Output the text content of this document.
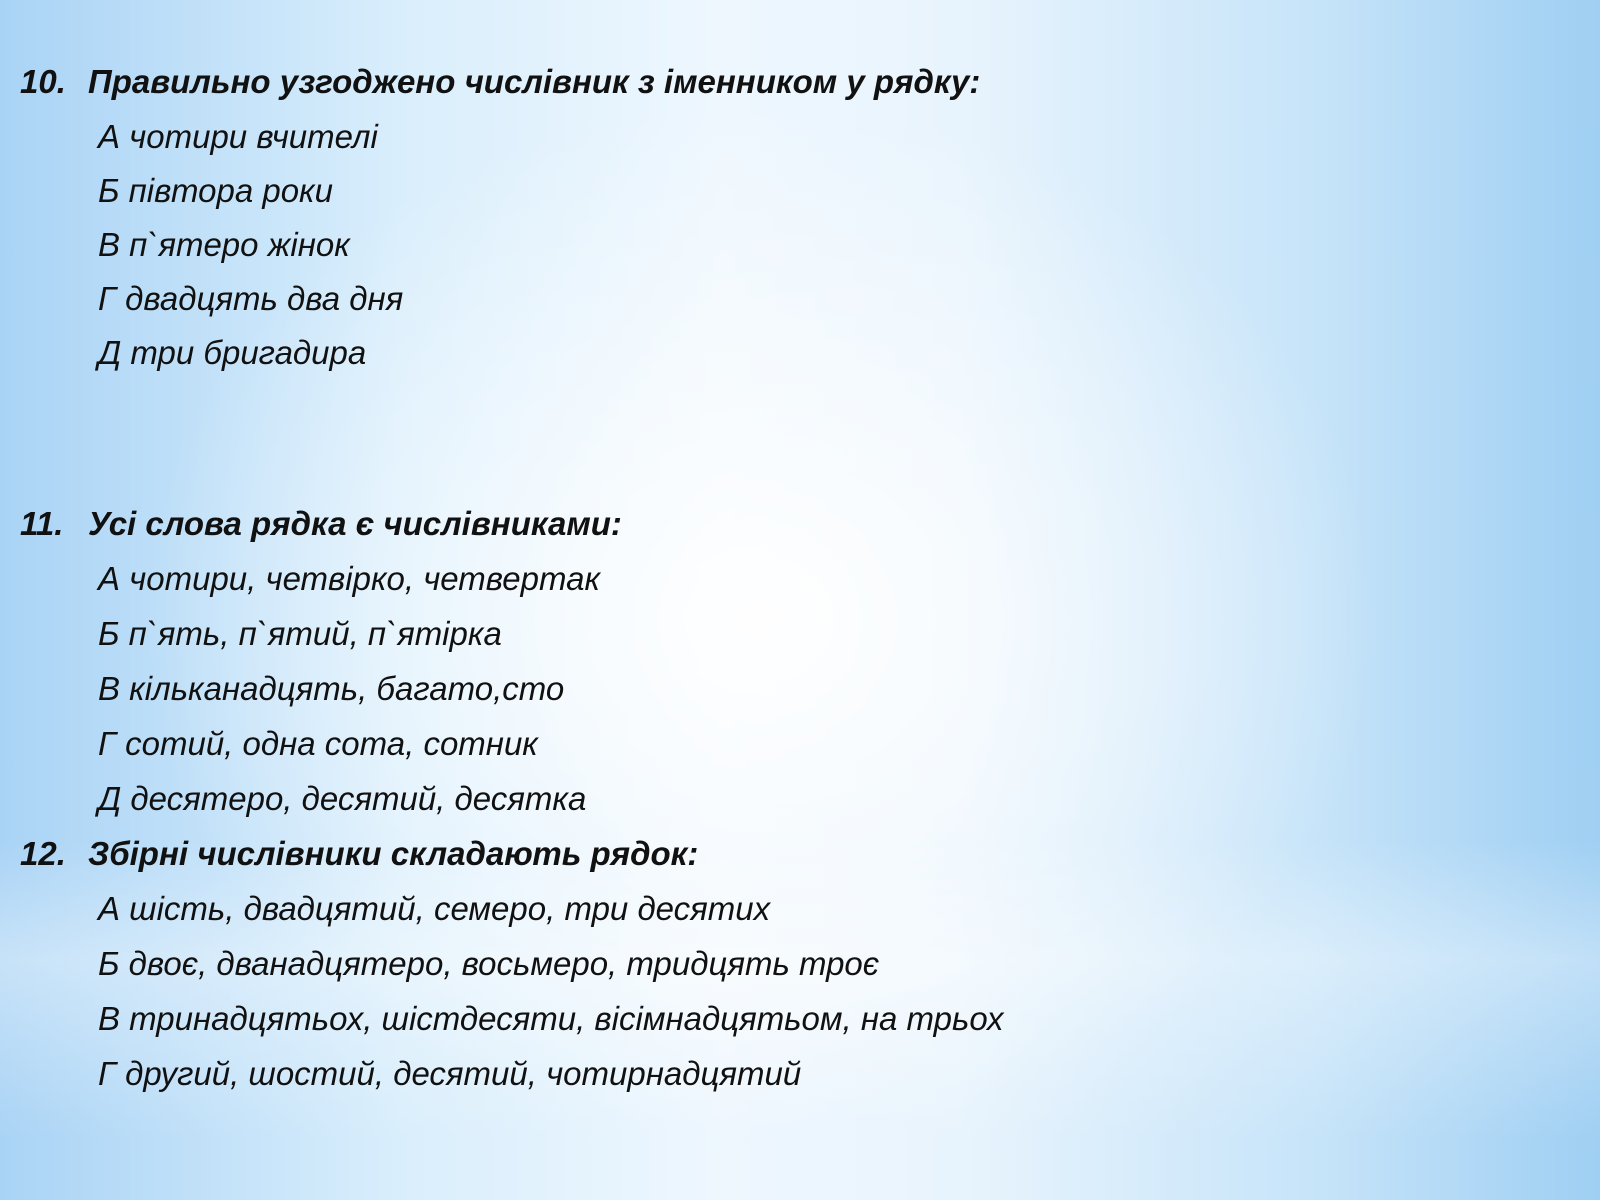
10. Правильно узгоджено числівник з іменником у рядку:
А чотири вчителі
Б півтора роки
В п`ятеро жінок
Г двадцять два дня
Д три бригадира
11. Усі слова рядка є числівниками:
А чотири, четвірко, четвертак
Б п`ять, п`ятий, п`ятірка
В кільканадцять, багато,сто
Г сотий, одна сота, сотник
Д десятеро, десятий, десятка
12. Збірні числівники складають рядок:
А шість, двадцятий, семеро, три десятих
Б двоє, дванадцятеро, восьмеро, тридцять троє
В тринадцятьох, шістдесяти, вісімнадцятьом, на трьох
Г другий, шостий, десятий, чотирнадцятий
